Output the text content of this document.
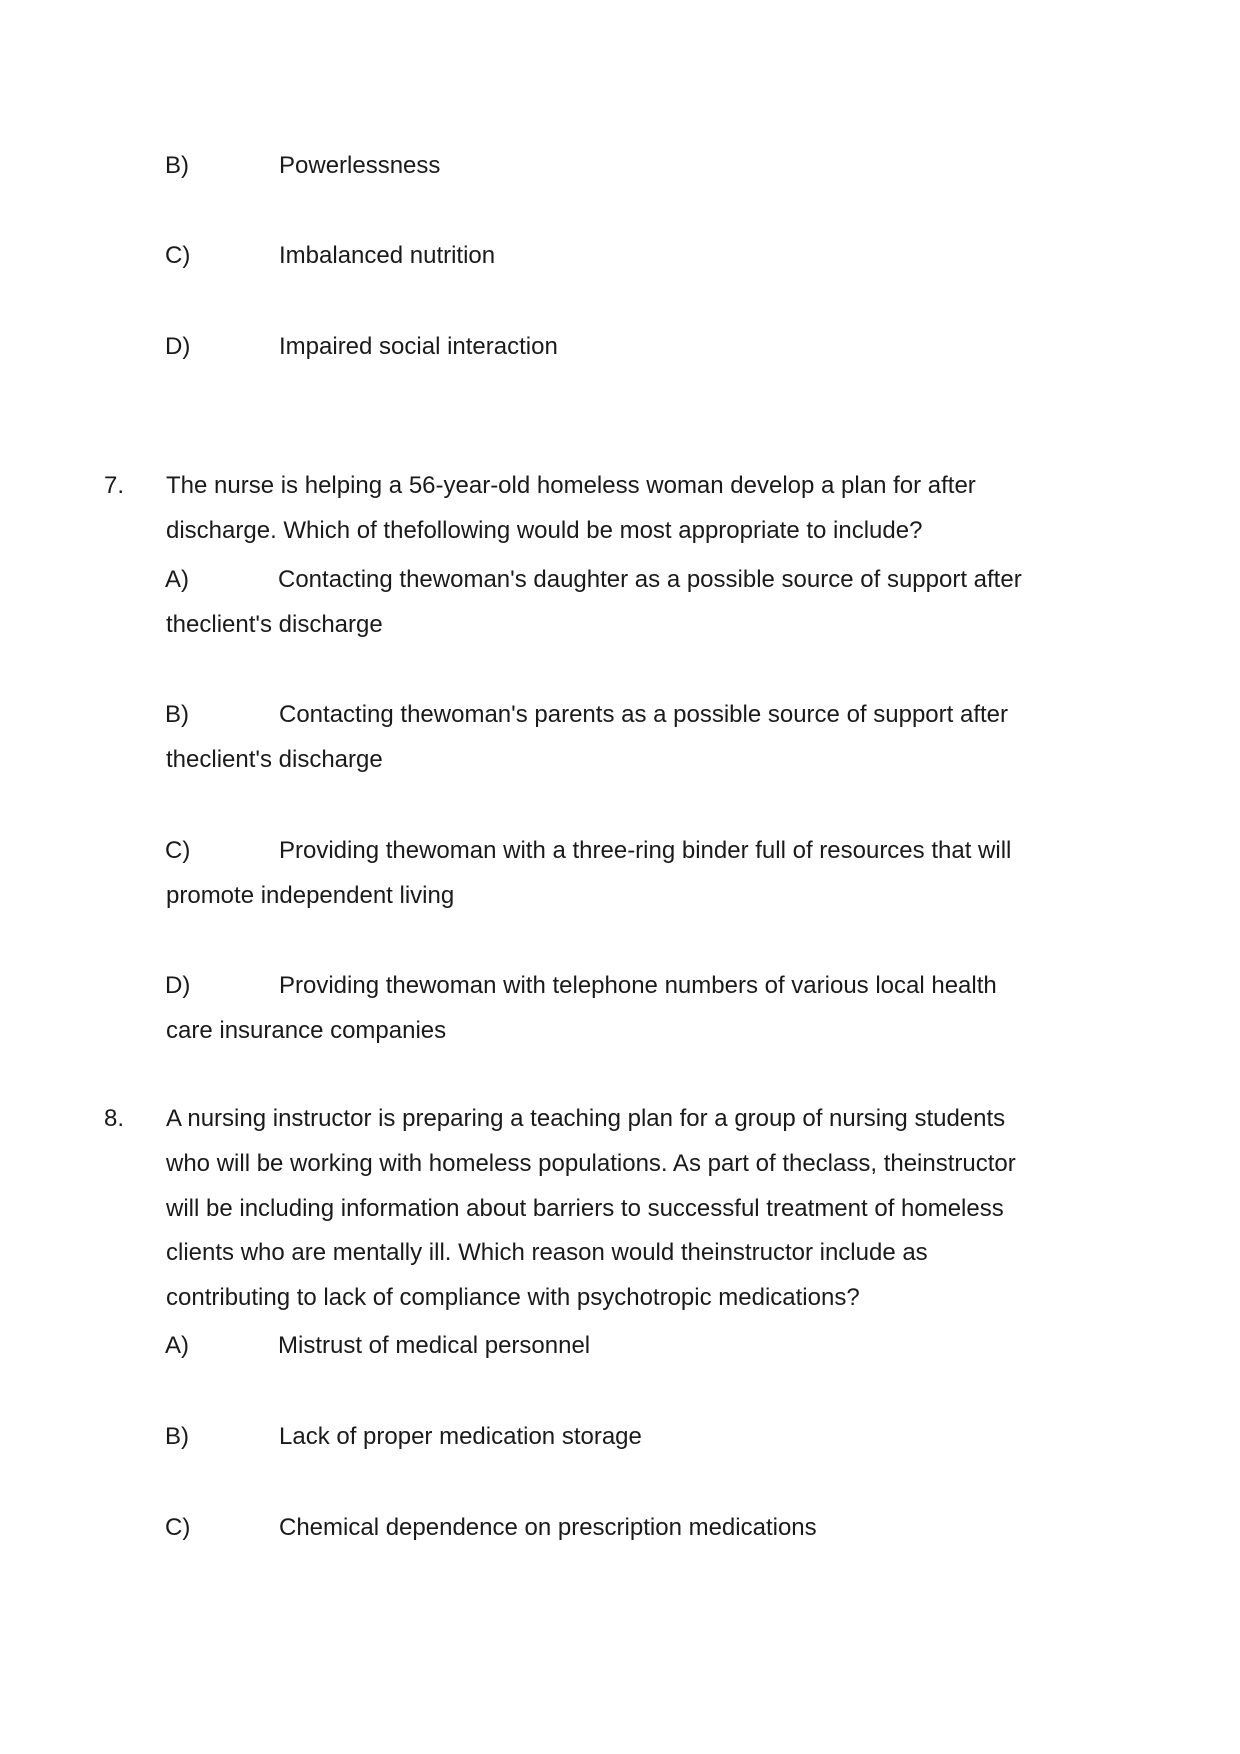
B)	Powerlessness
C)	Imbalanced nutrition
D)	Impaired social interaction
7. The nurse is helping a 56-year-old homeless woman develop a plan for after
discharge. Which of thefollowing would be most appropriate to include?
A)	Contacting thewoman's daughter as a possible source of support after
theclient's discharge
B)	Contacting thewoman's parents as a possible source of support after
theclient's discharge
C)	Providing thewoman with a three-ring binder full of resources that will
promote independent living
D)	Providing thewoman with telephone numbers of various local health
care insurance companies
8. A nursing instructor is preparing a teaching plan for a group of nursing students
who will be working with homeless populations. As part of theclass, theinstructor
will be including information about barriers to successful treatment of homeless
clients who are mentally ill. Which reason would theinstructor include as
contributing to lack of compliance with psychotropic medications?
A)	Mistrust of medical personnel
B)	Lack of proper medication storage
C)	Chemical dependence on prescription medications
